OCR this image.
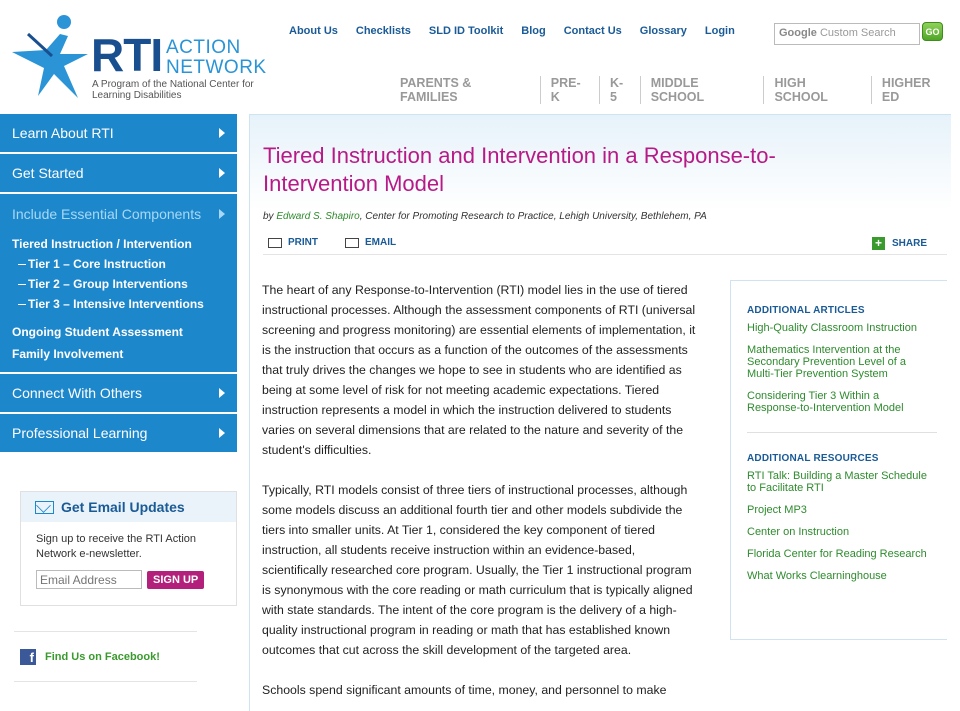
RTI ACTION NETWORK
A Program of the National Center for Learning Disabilities
About Us	Checklists	SLD ID Toolkit	Blog	Contact Us	Glossary	Login	Google Custom Search	GO
PARENTS & FAMILIES
PRE-K
K-5
MIDDLE SCHOOL
HIGH SCHOOL
HIGHER ED
Learn About RTI
Get Started
Include Essential Components
Tiered Instruction / Intervention
Tier 1 – Core Instruction
Tier 2 – Group Interventions
Tier 3 – Intensive Interventions
Ongoing Student Assessment
Family Involvement
Connect With Others
Professional Learning
Get Email Updates
Sign up to receive the RTI Action Network e-newsletter.
Email Address
SIGN UP
f Find Us on Facebook!
Tiered Instruction and Intervention in a Response-to-Intervention Model
by Edward S. Shapiro, Center for Promoting Research to Practice, Lehigh University, Bethlehem, PA
PRINT	EMAIL	+	SHARE

The heart of any Response-to-Intervention (RTI) model lies in the use of tiered instructional processes. Although the assessment components of RTI (universal screening and progress monitoring) are essential elements of implementation, it is the instruction that occurs as a function of the outcomes of the assessments that truly drives the changes we hope to see in students who are identified as being at some level of risk for not meeting academic expectations. Tiered instruction represents a model in which the instruction delivered to students varies on several dimensions that are related to the nature and severity of the student's difficulties.

Typically, RTI models consist of three tiers of instructional processes, although some models discuss an additional fourth tier and other models subdivide the tiers into smaller units. At Tier 1, considered the key component of tiered instruction, all students receive instruction within an evidence-based, scientifically researched core program. Usually, the Tier 1 instructional program is synonymous with the core reading or math curriculum that is typically aligned with state standards. The intent of the core program is the delivery of a high-quality instructional program in reading or math that has established known outcomes that cut across the skill development of the targeted area.

Schools spend significant amounts of time, money, and personnel to make

ADDITIONAL ARTICLES
High-Quality Classroom Instruction
Mathematics Intervention at the Secondary Prevention Level of a Multi-Tier Prevention System
Considering Tier 3 Within a Response-to-Intervention Model
ADDITIONAL RESOURCES
RTI Talk: Building a Master Schedule to Facilitate RTI
Project MP3
Center on Instruction
Florida Center for Reading Research
What Works Clearninghouse
